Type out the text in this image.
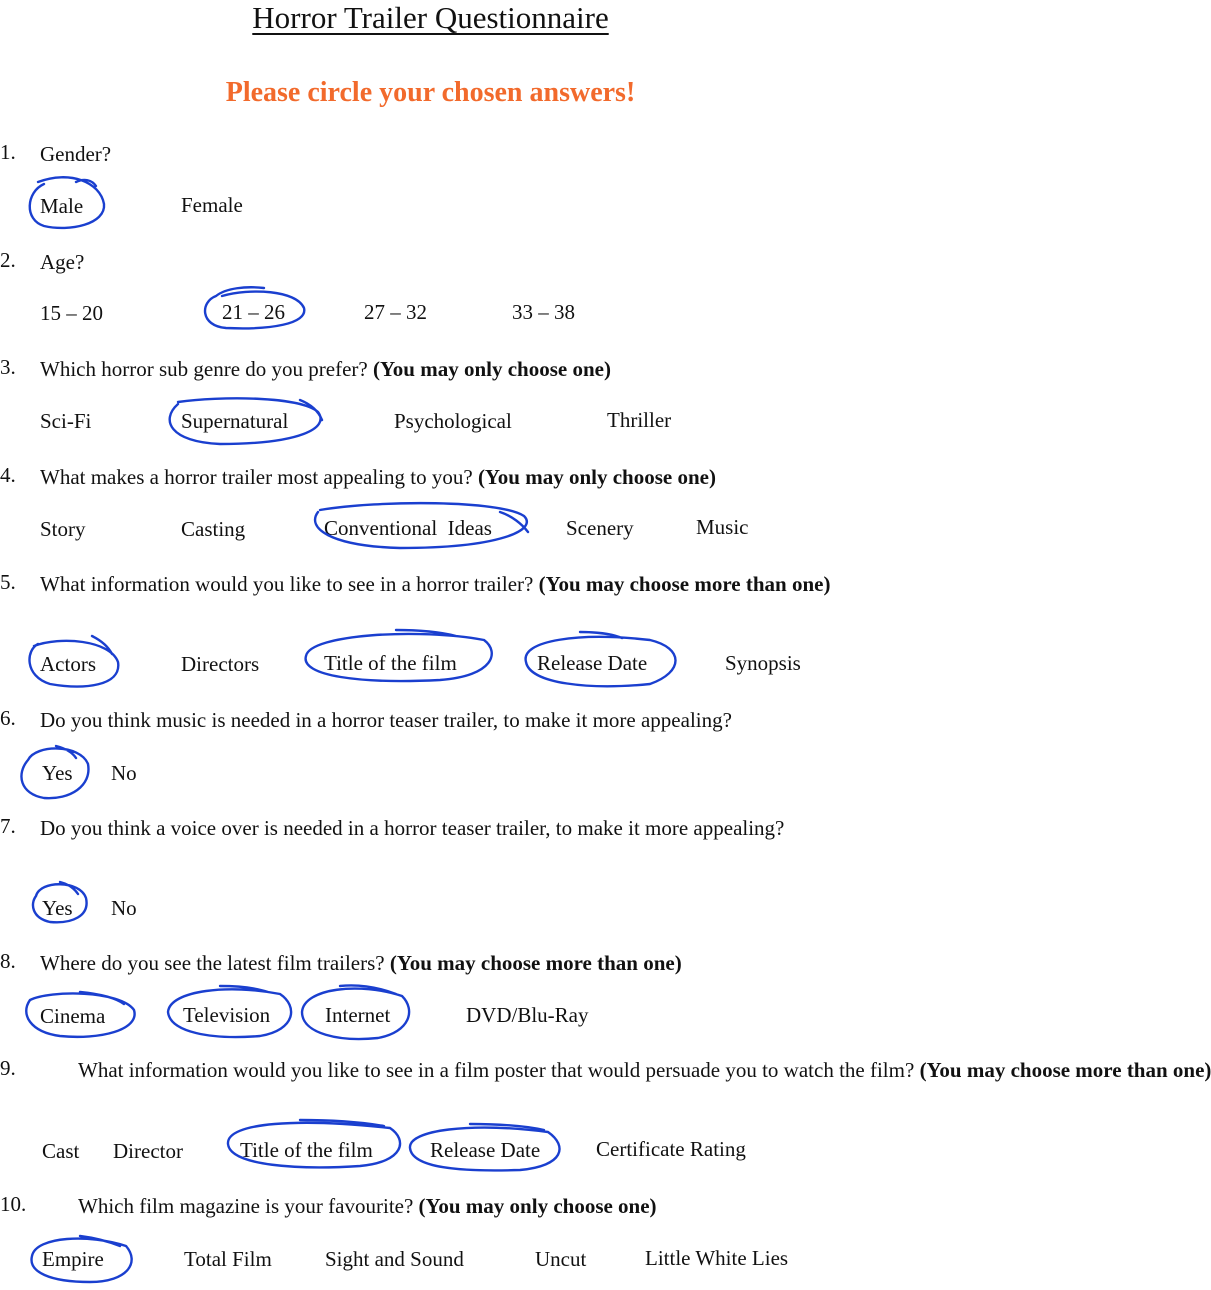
Horror Trailer Questionnaire
Please circle your chosen answers!
1. Gender?
Male	Female
2. Age?
15 – 20	21 – 26	27 – 32	33 – 38
3. Which horror sub genre do you prefer? (You may only choose one)
Sci-Fi	Supernatural	Psychological	Thriller
4. What makes a horror trailer most appealing to you? (You may only choose one)
Story	Casting	Conventional  Ideas	Scenery	Music
5. What information would you like to see in a horror trailer? (You may choose more than one)
Actors	Directors	Title of the film	Release Date	Synopsis
6. Do you think music is needed in a horror teaser trailer, to make it more appealing?
Yes No
7. Do you think a voice over is needed in a horror teaser trailer, to make it more appealing?
Yes No
8. Where do you see the latest film trailers? (You may choose more than one)
Cinema	Television	Internet	DVD/Blu-Ray
9.	What information would you like to see in a film poster that would persuade you to watch the film? (You may choose more than one)
Cast Director	Title of the film	Release Date	Certificate Rating
10. Which film magazine is your favourite? (You may only choose one)
Empire	Total Film	Sight and Sound	Uncut	Little White Lies
